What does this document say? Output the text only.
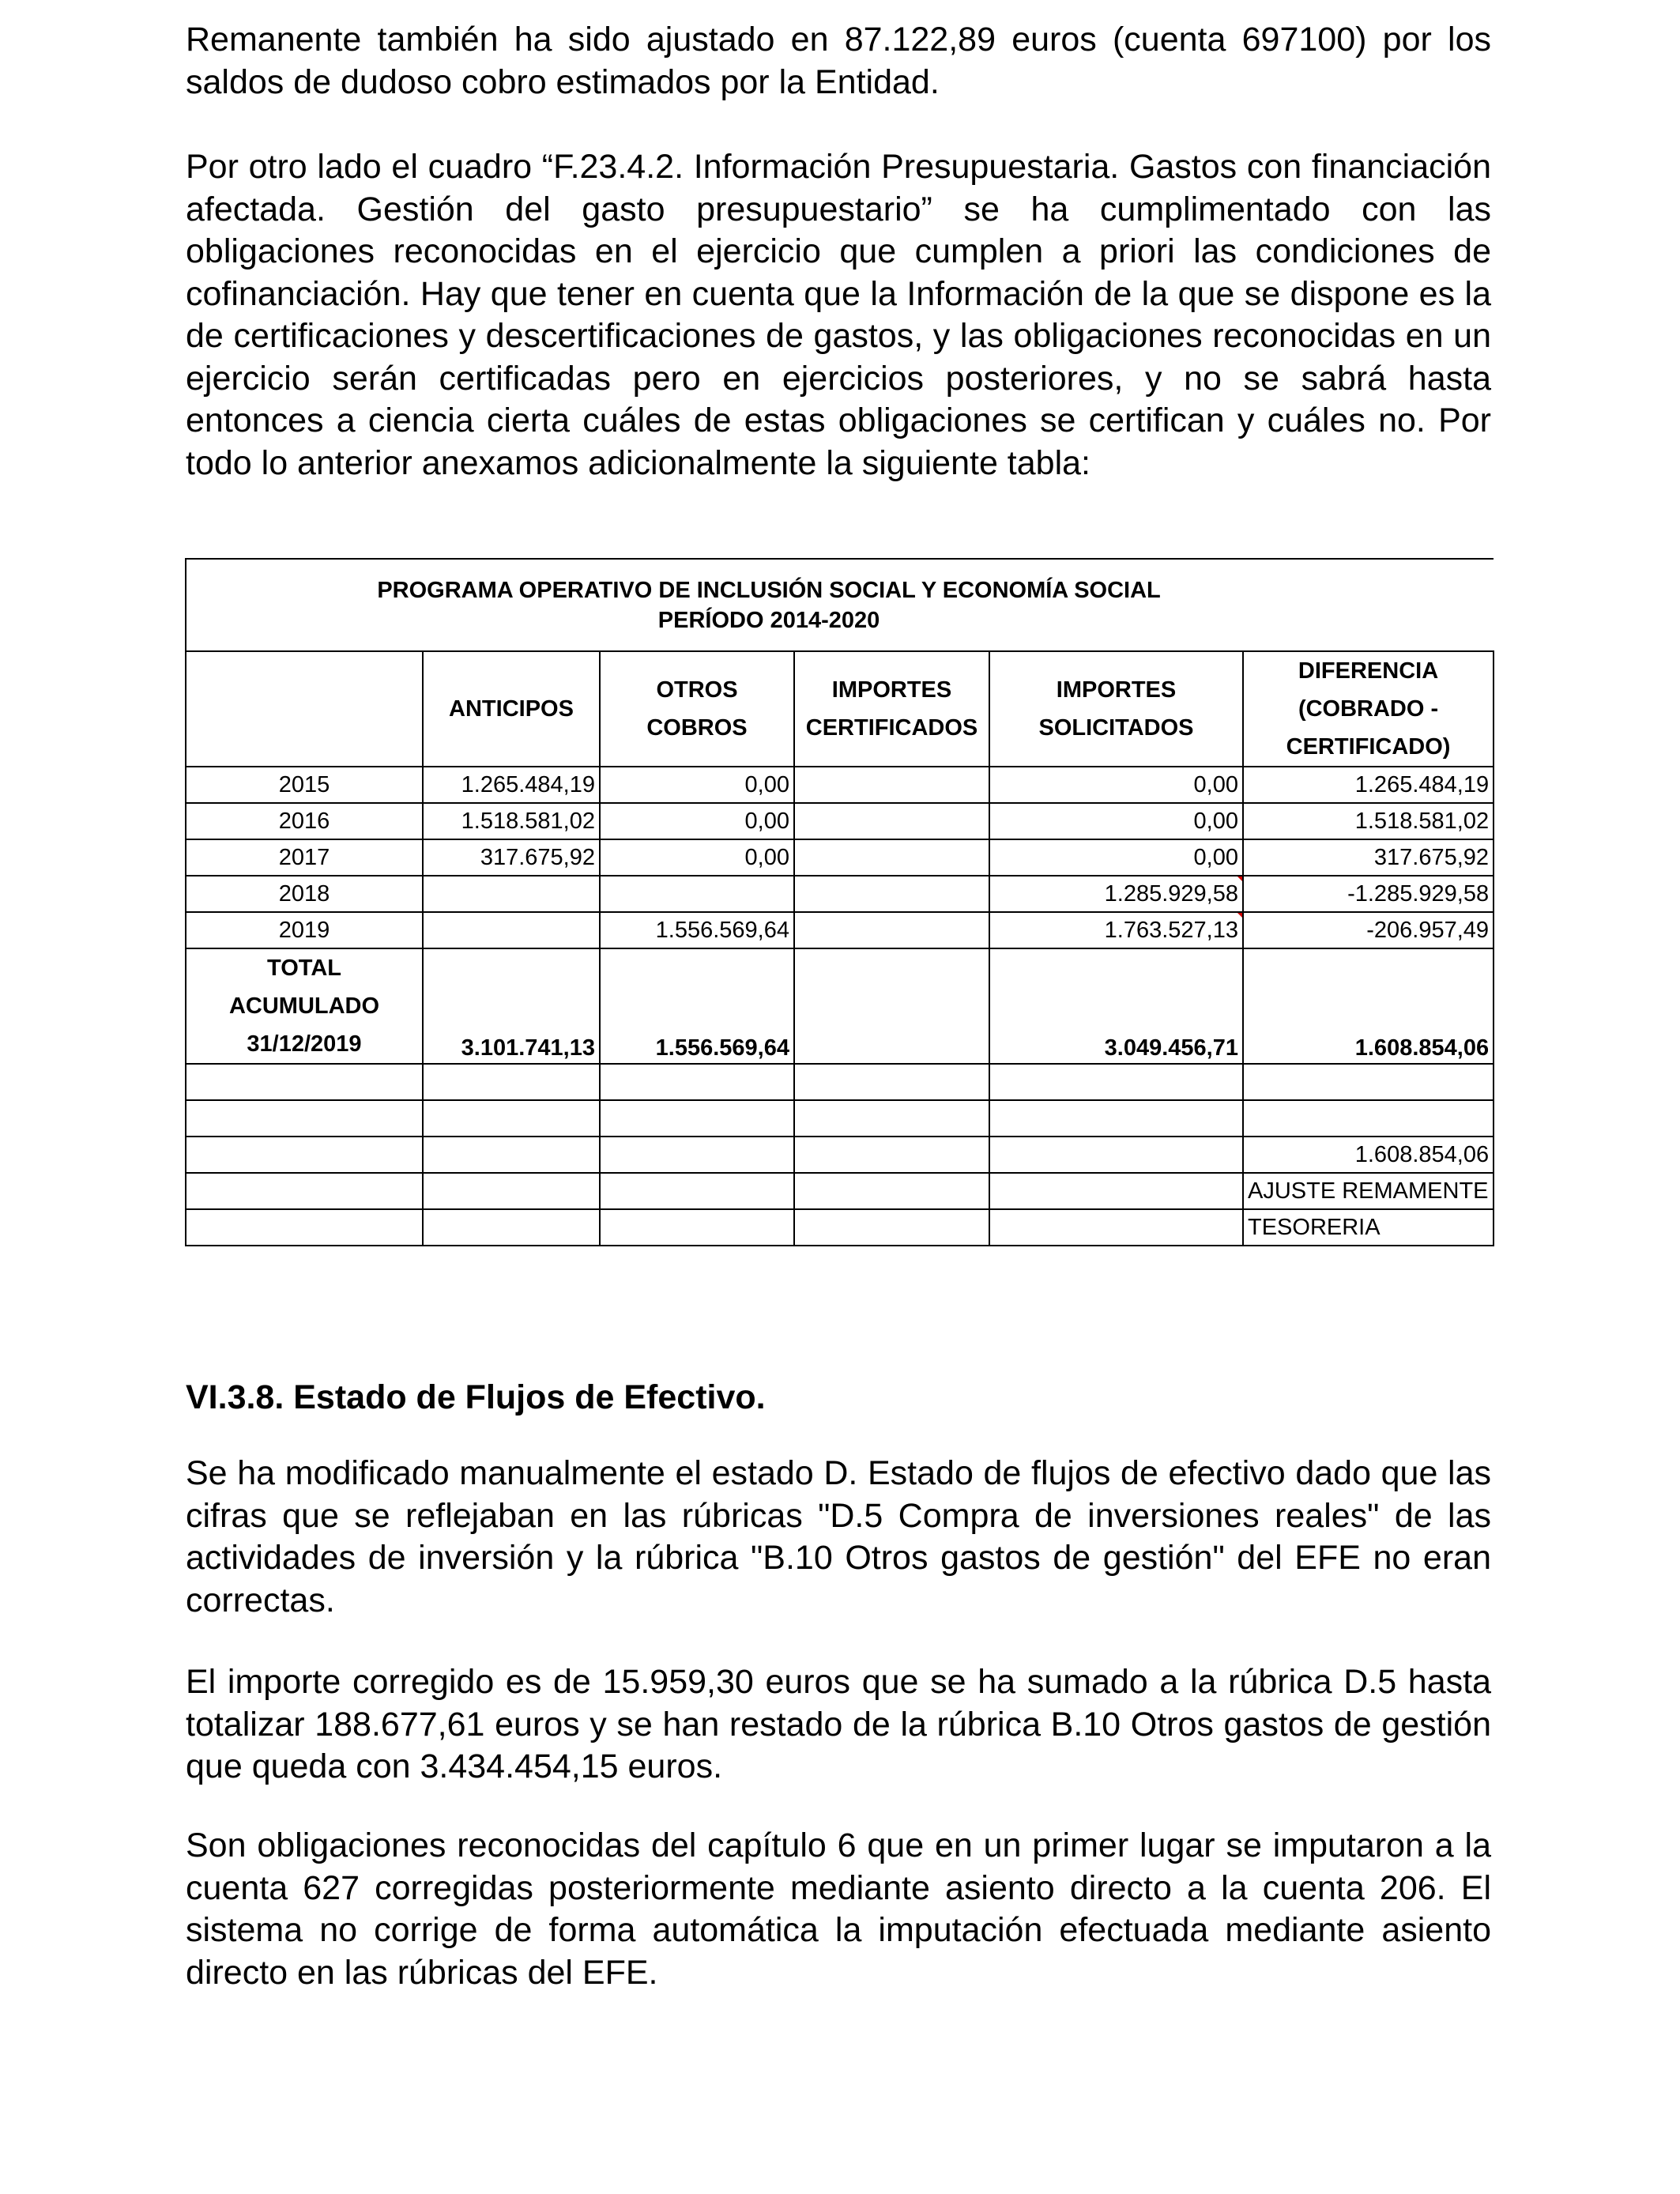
Remanente también ha sido ajustado en 87.122,89 euros (cuenta 697100) por los saldos de dudoso cobro estimados por la Entidad.

Por otro lado el cuadro “F.23.4.2. Información Presupuestaria. Gastos con financiación afectada. Gestión del gasto presupuestario” se ha cumplimentado con las obligaciones reconocidas en el ejercicio que cumplen a priori las condiciones de cofinanciación. Hay que tener en cuenta que la Información de la que se dispone es la de certificaciones y descertificaciones de gastos, y las obligaciones reconocidas en un ejercicio serán certificadas pero en ejercicios posteriores, y no se sabrá hasta entonces a ciencia cierta cuáles de estas obligaciones se certifican y cuáles no. Por todo lo anterior anexamos adicionalmente la siguiente tabla:

PROGRAMA OPERATIVO DE INCLUSIÓN SOCIAL Y ECONOMÍA SOCIAL
PERÍODO 2014-2020					

	ANTICIPOS	OTROS COBROS	IMPORTES CERTIFICADOS	IMPORTES SOLICITADOS	DIFERENCIA (COBRADO - CERTIFICADO)
2015	1.265.484,19	0,00		0,00	1.265.484,19
2016	1.518.581,02	0,00		0,00	1.518.581,02
2017	317.675,92	0,00		0,00	317.675,92
2018				1.285.929,58	-1.285.929,58
2019		1.556.569,64		1.763.527,13	-206.957,49

TOTAL
ACUMULADO
31/12/2019	3.101.741,13	1.556.569,64		3.049.456,71	1.608.854,06

					1.608.854,06
					AJUSTE REMAMENTE
					TESORERIA
VI.3.8. Estado de Flujos de Efectivo.

Se ha modificado manualmente el estado D. Estado de flujos de efectivo dado que las cifras que se reflejaban en las rúbricas "D.5 Compra de inversiones reales" de las actividades de inversión y la rúbrica "B.10 Otros gastos de gestión" del EFE no eran correctas.

El importe corregido es de 15.959,30 euros que se ha sumado a la rúbrica D.5 hasta totalizar 188.677,61 euros y se han restado de la rúbrica B.10 Otros gastos de gestión que queda con 3.434.454,15 euros.

Son obligaciones reconocidas del capítulo 6 que en un primer lugar se imputaron a la cuenta 627 corregidas posteriormente mediante asiento directo a la cuenta 206. El sistema no corrige de forma automática la imputación efectuada mediante asiento directo en las rúbricas del EFE.
